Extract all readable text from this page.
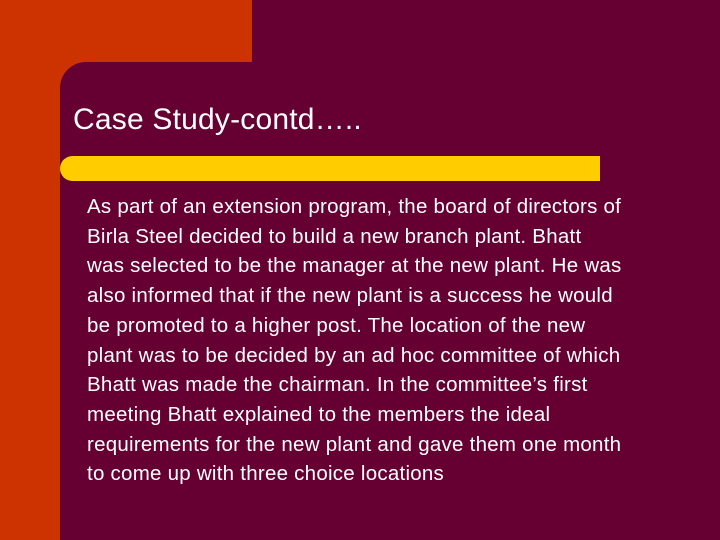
Case Study-contd…..
As part of an extension program, the board of directors of
Birla Steel decided to build a new branch plant. Bhatt
was selected to be the manager at the new plant. He was
also informed that if the new plant is a success he would
be promoted to a higher post. The location of the new
plant was to be decided by an ad hoc committee of which
Bhatt was made the chairman. In the committee’s first
meeting Bhatt explained to the members the ideal
requirements for the new plant and gave them one month
to come up with three choice locations
